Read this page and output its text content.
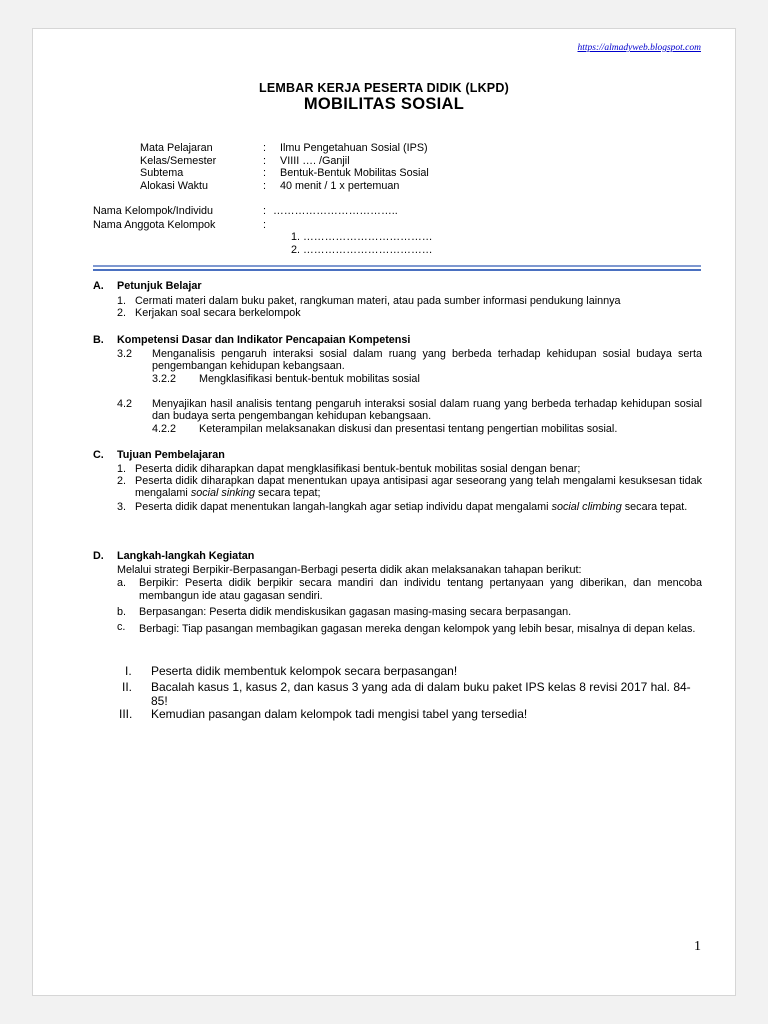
https://almadyweb.blogspot.com
LEMBAR KERJA PESERTA DIDIK (LKPD)
MOBILITAS SOSIAL
Mata Pelajaran
Kelas/Semester
Subtema
Alokasi Waktu
:
:
:
:
Ilmu Pengetahuan Sosial (IPS)
VIIII …. /Ganjil
Bentuk-Bentuk Mobilitas Sosial
40 menit / 1 x pertemuan
Nama Kelompok/Individu	: ……………………………..
Nama Anggota Kelompok	:
1. ………………………………
2. ………………………………
A. Petunjuk Belajar
1. Cermati materi dalam buku paket, rangkuman materi, atau pada sumber informasi pendukung lainnya
2. Kerjakan soal secara berkelompok
B. Kompetensi Dasar dan Indikator Pencapaian Kompetensi
3.2 Menganalisis pengaruh interaksi sosial dalam ruang yang berbeda terhadap kehidupan sosial budaya serta pengembangan kehidupan kebangsaan.
3.2.2 Mengklasifikasi bentuk-bentuk mobilitas sosial
4.2 Menyajikan hasil analisis tentang pengaruh interaksi sosial dalam ruang yang berbeda terhadap kehidupan sosial dan budaya serta pengembangan kehidupan kebangsaan.
4.2.2 Keterampilan melaksanakan diskusi dan presentasi tentang pengertian mobilitas sosial.
C. Tujuan Pembelajaran
1. Peserta didik diharapkan dapat mengklasifikasi bentuk-bentuk mobilitas sosial dengan benar;
2. Peserta didik diharapkan dapat menentukan upaya antisipasi agar seseorang yang telah mengalami kesuksesan tidak mengalami social sinking secara tepat;
3. Peserta didik dapat menentukan langah-langkah agar setiap individu dapat mengalami social climbing secara tepat.
D. Langkah-langkah Kegiatan
Melalui strategi Berpikir-Berpasangan-Berbagi peserta didik akan melaksanakan tahapan berikut:
a. Berpikir: Peserta didik berpikir secara mandiri dan individu tentang pertanyaan yang diberikan, dan mencoba membangun ide atau gagasan sendiri.
b. Berpasangan: Peserta didik mendiskusikan gagasan masing-masing secara berpasangan.
c. Berbagi: Tiap pasangan membagikan gagasan mereka dengan kelompok yang lebih besar, misalnya di depan kelas.
I. Peserta didik membentuk kelompok secara berpasangan!
II. Bacalah kasus 1, kasus 2, dan kasus 3 yang ada di dalam buku paket IPS kelas 8 revisi 2017 hal. 84-85!
III. Kemudian pasangan dalam kelompok tadi mengisi tabel yang tersedia!
1
